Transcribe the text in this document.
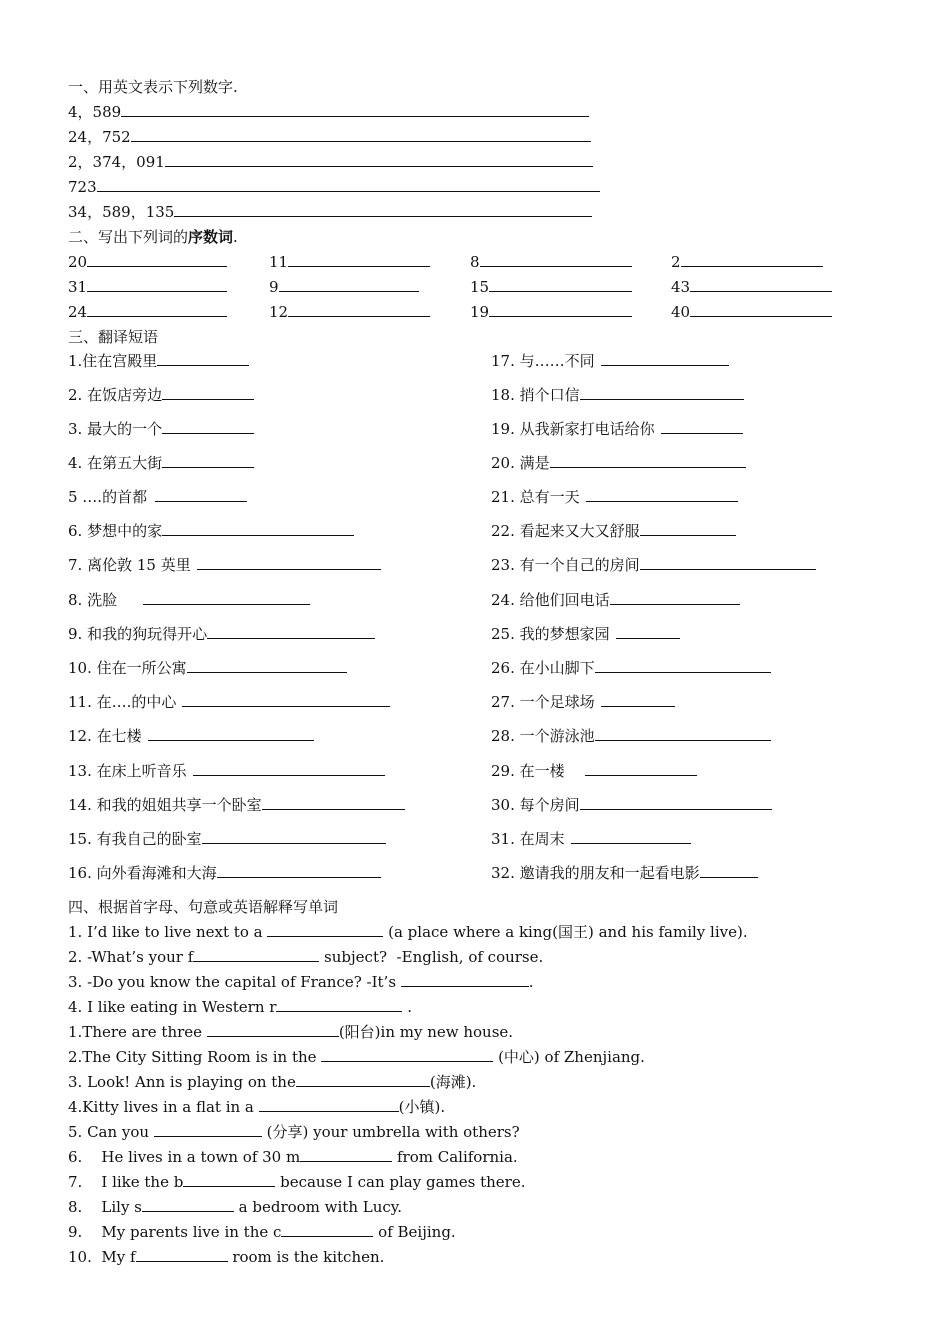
一、用英文表示下列数字.
4，589
24，752
2，374，091
723
34，589，135
二、写出下列词的序数词.
20	11	8	2
31	9	15	43
24	12	19	40
三、翻译短语
1.住在宫殿里
2. 在饭店旁边
3. 最大的一个
4. 在第五大街
5 ….的首都
6. 梦想中的家
7. 离伦敦 15 英里
8. 洗脸
9. 和我的狗玩得开心
10. 住在一所公寓
11. 在….的中心
12. 在七楼
13. 在床上听音乐
14. 和我的姐姐共享一个卧室
15. 有我自己的卧室
16. 向外看海滩和大海
17. 与……不同
18. 捎个口信
19. 从我新家打电话给你
20. 满是
21. 总有一天
22. 看起来又大又舒服
23. 有一个自己的房间
24. 给他们回电话
25. 我的梦想家园
26. 在小山脚下
27. 一个足球场
28. 一个游泳池
29. 在一楼
30. 每个房间
31. 在周末
32. 邀请我的朋友和一起看电影
四、根据首字母、句意或英语解释写单词
1. I’d like to live next to a	(a place where a king(国王) and his family live).
2. -What’s your f	subject?  -English, of course.
3. -Do you know the capital of France? -It’s	.
4. I like eating in Western r	.
1.There are three	(阳台)in my new house.
2.The City Sitting Room is in the	(中心) of Zhenjiang.
3. Look! Ann is playing on the	(海滩).
4.Kitty lives in a flat in a	(小镇).
5. Can you	(分享) your umbrella with others?
6.    He lives in a town of 30 m	from California.
7.    I like the b	because I can play games there.
8.    Lily s	a bedroom with Lucy.
9.    My parents live in the c	of Beijing.
10.  My f	room is the kitchen.
